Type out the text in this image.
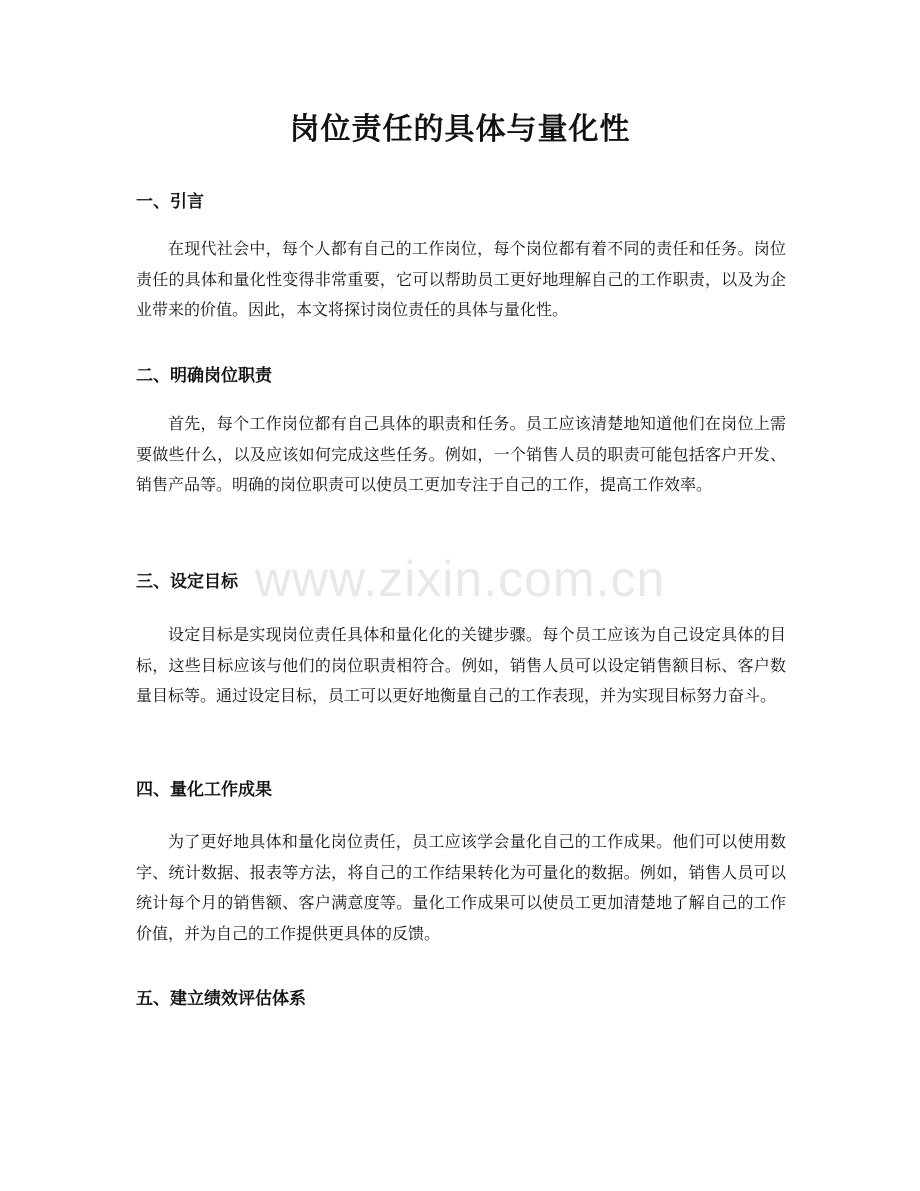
岗位责任的具体与量化性
一、引言

在现代社会中，每个人都有自己的工作岗位，每个岗位都有着不同的责任和任务。岗位责任的具体和量化性变得非常重要，它可以帮助员工更好地理解自己的工作职责，以及为企业带来的价值。因此，本文将探讨岗位责任的具体与量化性。

二、明确岗位职责

首先，每个工作岗位都有自己具体的职责和任务。员工应该清楚地知道他们在岗位上需要做些什么，以及应该如何完成这些任务。例如，一个销售人员的职责可能包括客户开发、销售产品等。明确的岗位职责可以使员工更加专注于自己的工作，提高工作效率。

三、设定目标

设定目标是实现岗位责任具体和量化化的关键步骤。每个员工应该为自己设定具体的目标，这些目标应该与他们的岗位职责相符合。例如，销售人员可以设定销售额目标、客户数量目标等。通过设定目标，员工可以更好地衡量自己的工作表现，并为实现目标努力奋斗。

四、量化工作成果

为了更好地具体和量化岗位责任，员工应该学会量化自己的工作成果。他们可以使用数字、统计数据、报表等方法，将自己的工作结果转化为可量化的数据。例如，销售人员可以统计每个月的销售额、客户满意度等。量化工作成果可以使员工更加清楚地了解自己的工作价值，并为自己的工作提供更具体的反馈。

五、建立绩效评估体系
www.zixin.com.cn
